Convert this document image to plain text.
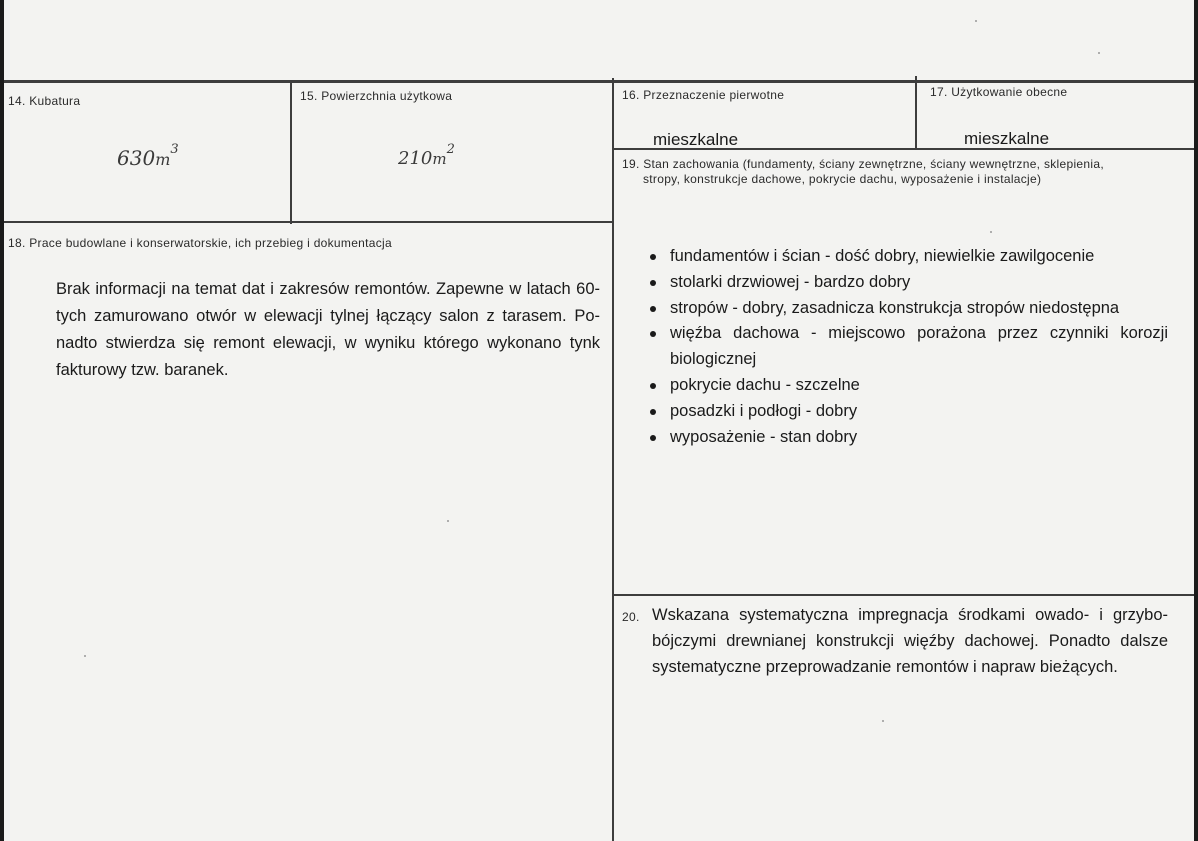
14. Kubatura
$630m^3$
15. Powierzchnia użytkowa
$210m^2$
16. Przeznaczenie pierwotne
mieszkalne
17. Użytkowanie obecne
mieszkalne
18. Prace budowlane i konserwatorskie, ich przebieg i dokumentacja
Brak informacji na temat dat i zakresów remontów. Zapewne w latach 60-
tych zamurowano otwór w elewacji tylnej łączący salon z tarasem. Po-
nadto stwierdza się remont elewacji, w wyniku którego wykonano tynk
fakturowy tzw. baranek.
19. Stan zachowania (fundamenty, ściany zewnętrzne, ściany wewnętrzne, sklepienia,
stropy, konstrukcje dachowe, pokrycie dachu, wyposażenie i instalacje)
fundamentów i ścian - dość dobry, niewielkie zawilgocenie
stolarki drzwiowej - bardzo dobry
stropów - dobry, zasadnicza konstrukcja stropów niedostępna
więźba dachowa - miejscowo porażona przez czynniki korozji
biologicznej
pokrycie dachu - szczelne
posadzki i podłogi - dobry
wyposażenie - stan dobry
20. Wskazana systematyczna impregnacja środkami owado- i grzybo-
bójczymi drewnianej konstrukcji więźby dachowej. Ponadto dalsze
systematyczne przeprowadzanie remontów i napraw bieżących.
